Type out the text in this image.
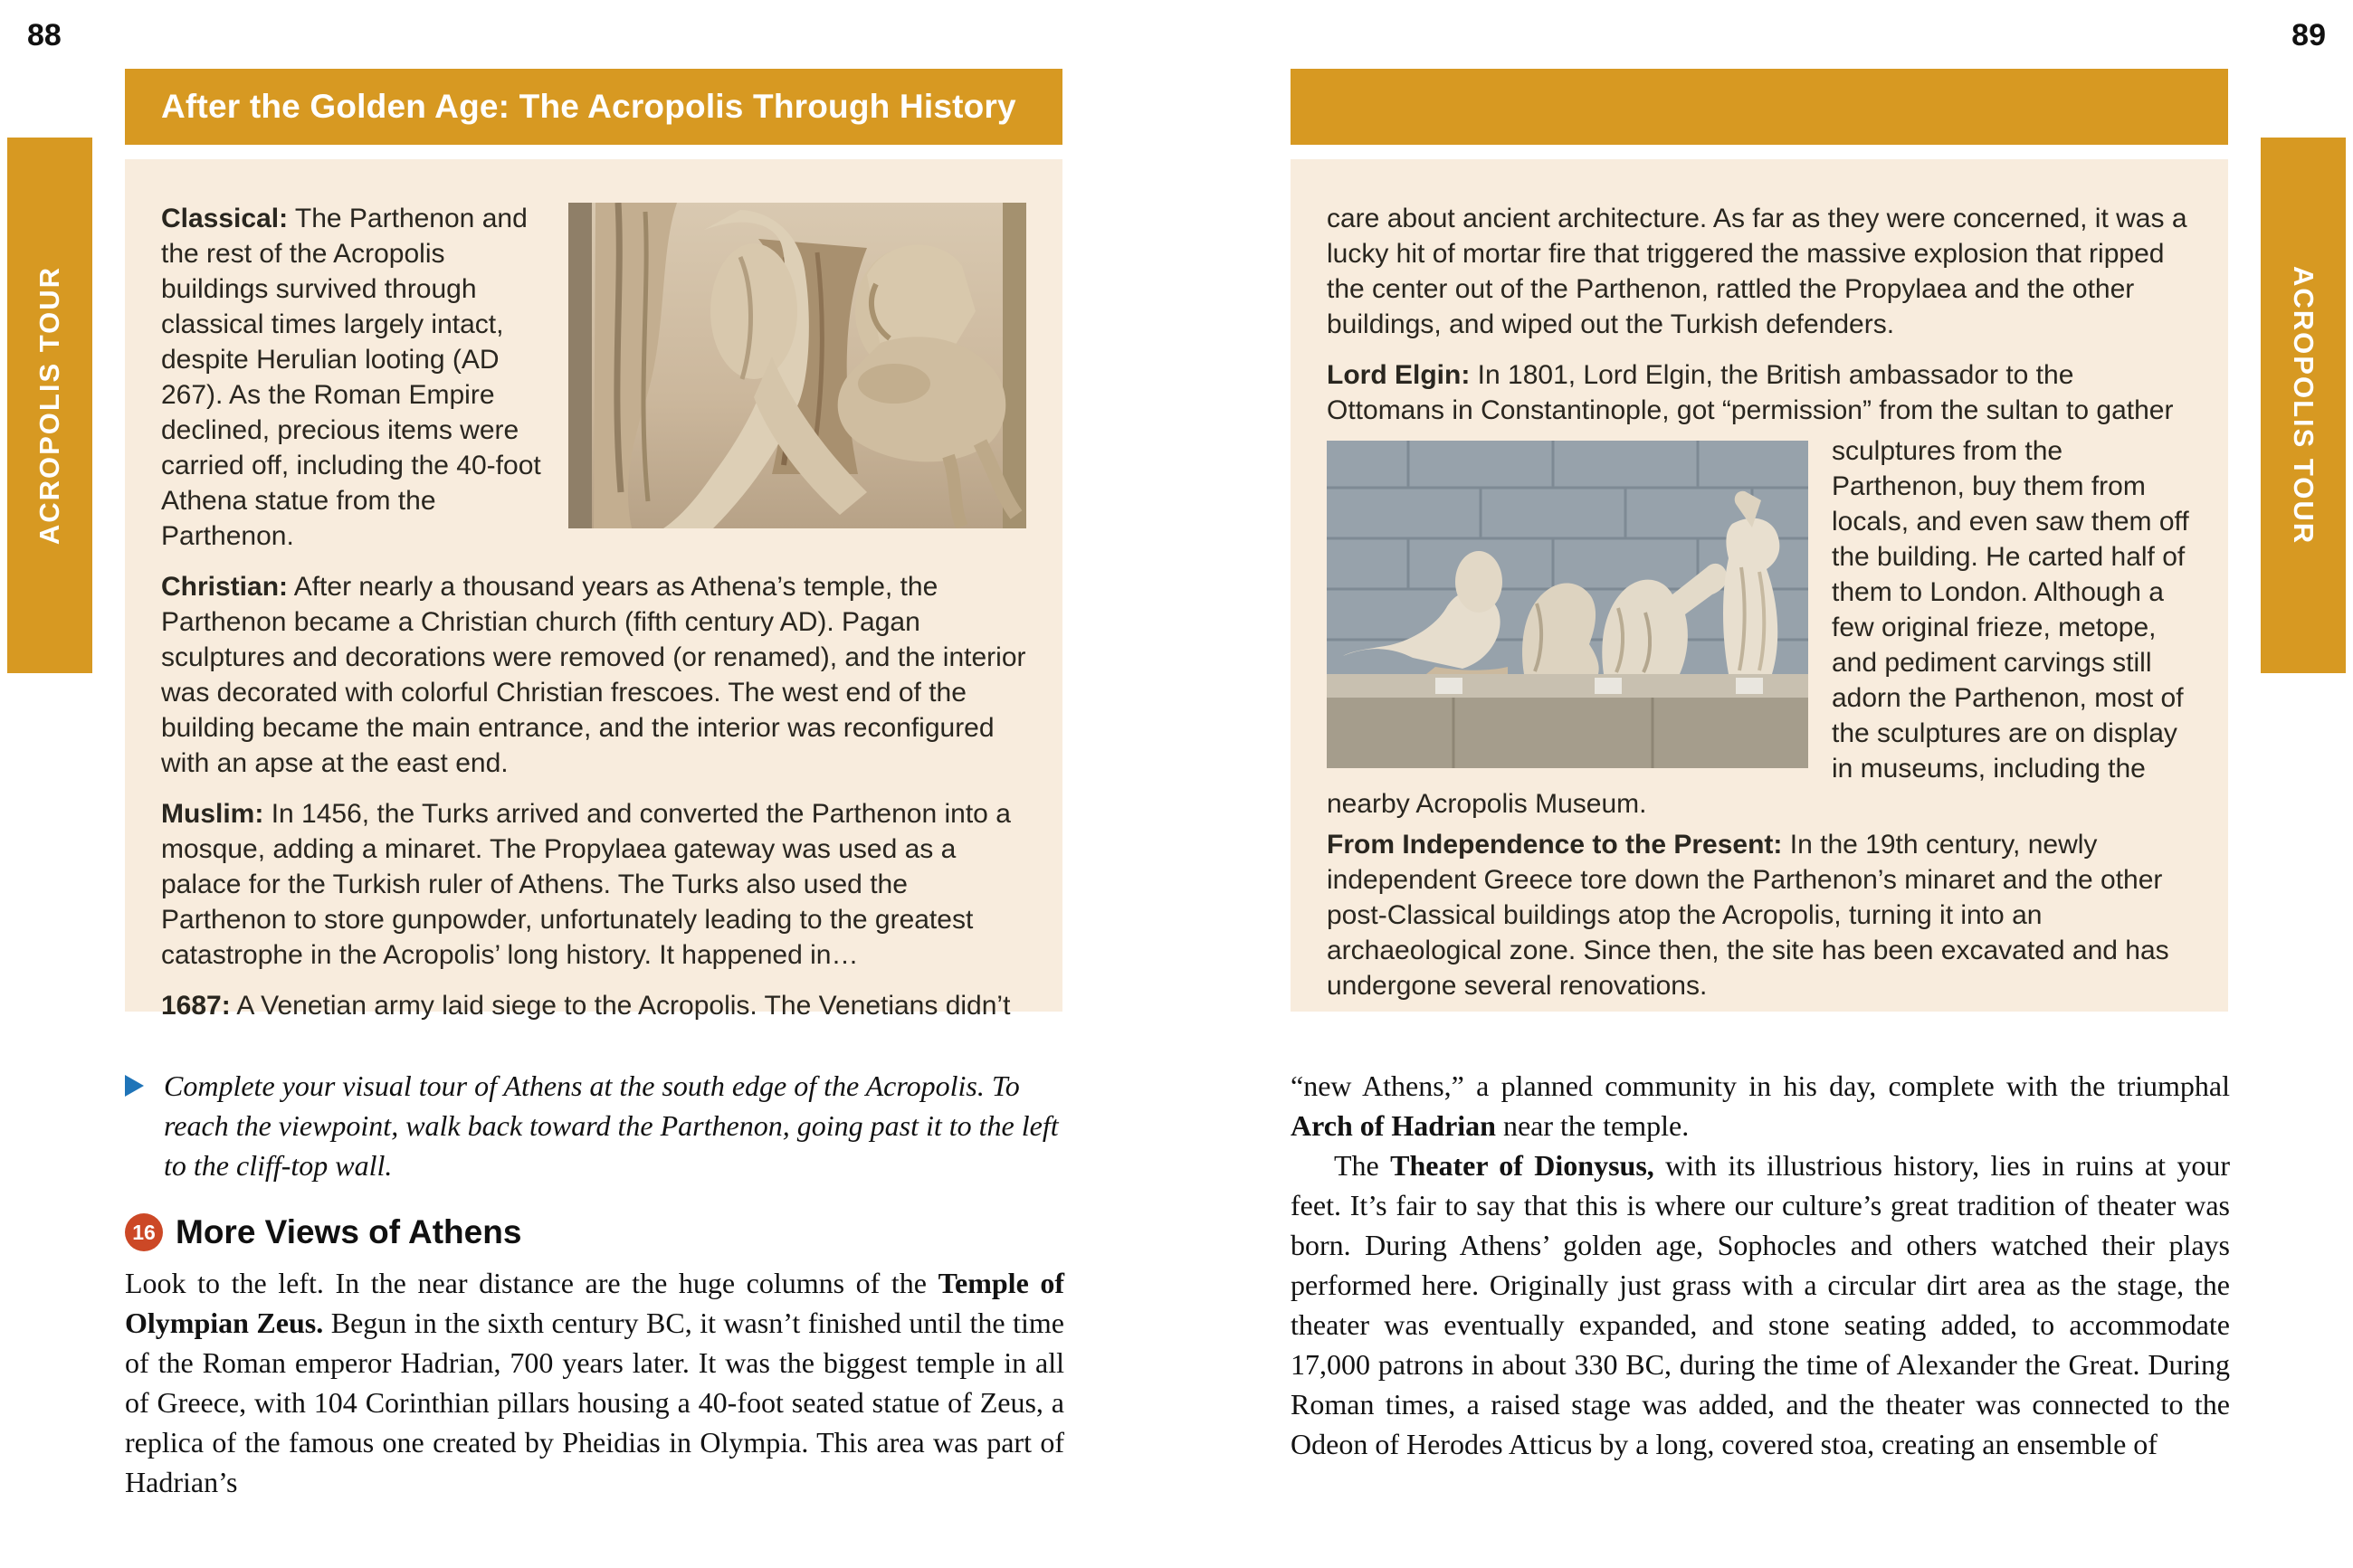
88	89
ACROPOLIS TOUR	ACROPOLIS TOUR
After the Golden Age: The Acropolis Through History

Classical: The Parthenon and the rest of the Acropolis buildings survived through classical times largely intact, despite Herulian looting (AD 267). As the Roman Empire declined, precious items were carried off, including the 40-foot Athena statue from the Parthenon.

Christian: After nearly a thousand years as Athena’s temple, the Parthenon became a Christian church (fifth century AD). Pagan sculptures and decorations were removed (or renamed), and the interior was decorated with colorful Christian frescoes. The west end of the building became the main entrance, and the interior was reconfigured with an apse at the east end.

Muslim: In 1456, the Turks arrived and converted the Parthenon into a mosque, adding a minaret. The Propylaea gateway was used as a palace for the Turkish ruler of Athens. The Turks also used the Parthenon to store gunpowder, unfortunately leading to the greatest catastrophe in the Acropolis’ long history. It happened in…

1687: A Venetian army laid siege to the Acropolis. The Venetians didn’t

care about ancient architecture. As far as they were concerned, it was a lucky hit of mortar fire that triggered the massive explosion that ripped the center out of the Parthenon, rattled the Propylaea and the other buildings, and wiped out the Turkish defenders.

Lord Elgin: In 1801, Lord Elgin, the British ambassador to the Ottomans in Constantinople, got “permission” from the sultan to gather

sculptures from the Parthenon, buy them from locals, and even saw them off the building. He carted half of them to London. Although a few original frieze, metope, and pediment carvings still adorn the Parthenon, most of the sculptures are on display in museums, including the nearby Acropolis Museum.

From Independence to the Present: In the 19th century, newly independent Greece tore down the Parthenon’s minaret and the other post-Classical buildings atop the Acropolis, turning it into an archaeological zone. Since then, the site has been excavated and has undergone several renovations.

Complete your visual tour of Athens at the south edge of the Acropolis. To reach the viewpoint, walk back toward the Parthenon, going past it to the left to the cliff-top wall.
16 More Views of Athens

Look to the left. In the near distance are the huge columns of the Temple of Olympian Zeus. Begun in the sixth century BC, it wasn’t finished until the time of the Roman emperor Hadrian, 700 years later. It was the biggest temple in all of Greece, with 104 Corinthian pillars housing a 40-foot seated statue of Zeus, a replica of the famous one created by Pheidias in Olympia. This area was part of Hadrian’s

“new Athens,” a planned community in his day, complete with the triumphal Arch of Hadrian near the temple.

The Theater of Dionysus, with its illustrious history, lies in ruins at your feet. It’s fair to say that this is where our culture’s great tradition of theater was born. During Athens’ golden age, Sophocles and others watched their plays performed here. Originally just grass with a circular dirt area as the stage, the theater was eventually expanded, and stone seating added, to accommodate 17,000 patrons in about 330 BC, during the time of Alexander the Great. During Roman times, a raised stage was added, and the theater was connected to the Odeon of Herodes Atticus by a long, covered stoa, creating an ensemble of
